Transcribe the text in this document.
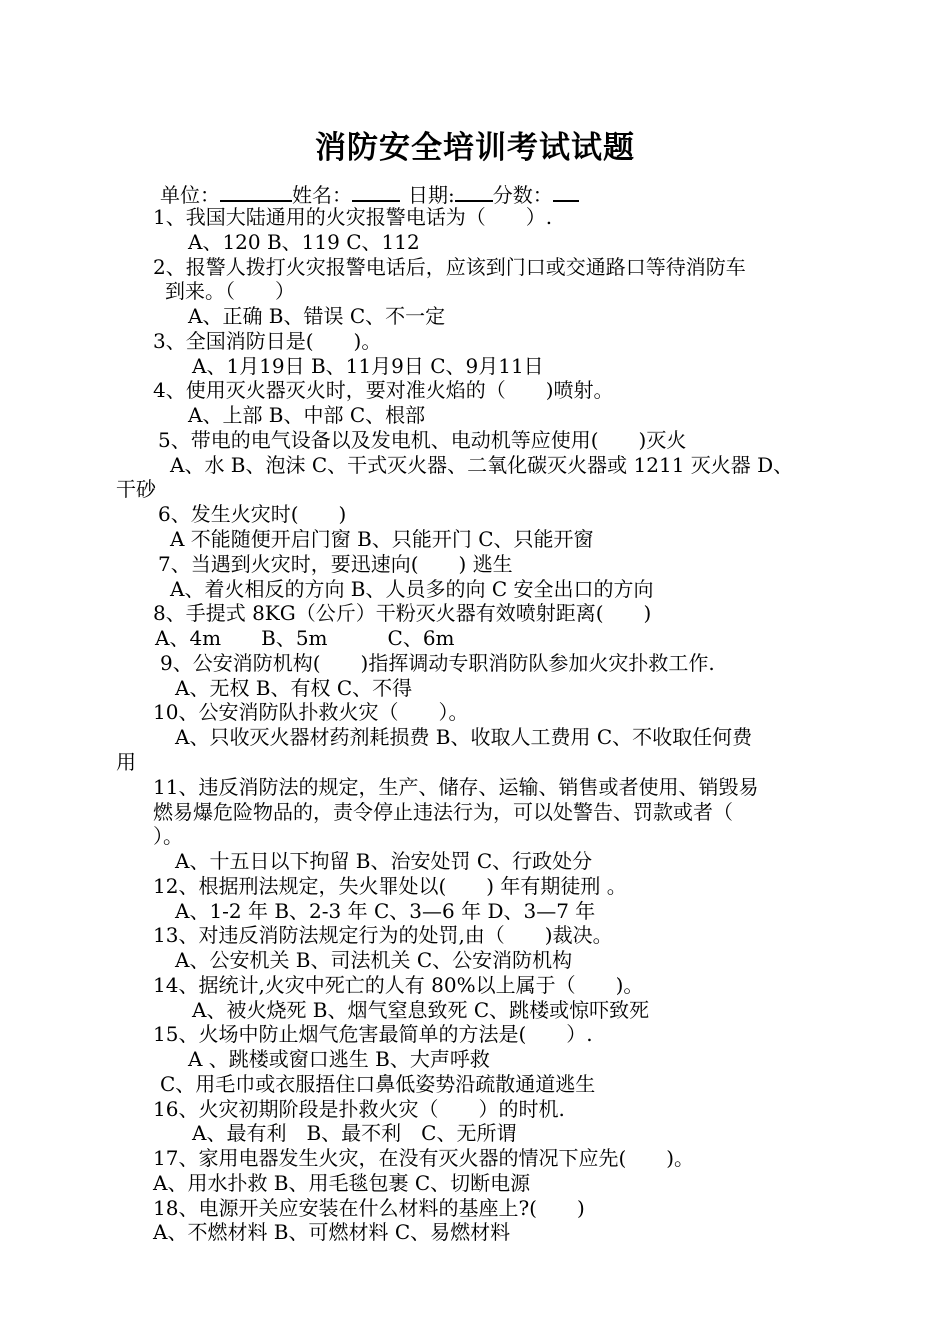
消防安全培训考试试题
单位：	姓名：	日期: 分数：
1、我国大陆通用的火灾报警电话为（　　）.
A、120 B、119 C、112
2、报警人拨打火灾报警电话后，应该到门口或交通路口等待消防车
到来。（　　）
A、正确 B、错误 C、不一定
3、全国消防日是(　　)。
A、1月19日 B、11月9日 C、9月11日
4、使用灭火器灭火时，要对准火焰的（　　)喷射。
A、上部 B、中部 C、根部
5、带电的电气设备以及发电机、电动机等应使用(　　)灭火
A、水 B、泡沫 C、干式灭火器、二氧化碳灭火器或 1211 灭火器 D、
干砂
6、发生火灾时(　　)
A 不能随便开启门窗 B、只能开门 C、只能开窗
7、当遇到火灾时，要迅速向(　　) 逃生
A、着火相反的方向 B、人员多的向 C 安全出口的方向
8、手提式 8KG（公斤）干粉灭火器有效喷射距离(　　)
A、4m　　B、5m　　　C、6m
9、公安消防机构(　　)指挥调动专职消防队参加火灾扑救工作.
A、无权 B、有权 C、不得
10、公安消防队扑救火灾（　　）。
A、只收灭火器材药剂耗损费 B、收取人工费用 C、不收取任何费
用
11、违反消防法的规定，生产、储存、运输、销售或者使用、销毁易
燃易爆危险物品的，责令停止违法行为，可以处警告、罚款或者（
）。
A、十五日以下拘留 B、治安处罚 C、行政处分
12、根据刑法规定，失火罪处以(　　) 年有期徒刑 。
A、1-2 年 B、2-3 年 C、3—6 年 D、3—7 年
13、对违反消防法规定行为的处罚,由（　　)裁决。
A、公安机关 B、司法机关 C、公安消防机构
14、据统计,火灾中死亡的人有 80%以上属于（　　)。
A、被火烧死 B、烟气窒息致死 C、跳楼或惊吓致死
15、火场中防止烟气危害最简单的方法是(　　）.
A 、跳楼或窗口逃生 B、大声呼救
C、用毛巾或衣服捂住口鼻低姿势沿疏散通道逃生
16、火灾初期阶段是扑救火灾（　　）的时机.
A、最有利　B、最不利　C、无所谓
17、家用电器发生火灾，在没有灭火器的情况下应先(　　)。
A、用水扑救 B、用毛毯包裹 C、切断电源
18、电源开关应安装在什么材料的基座上?(　　)
A、不燃材料 B、可燃材料 C、易燃材料
